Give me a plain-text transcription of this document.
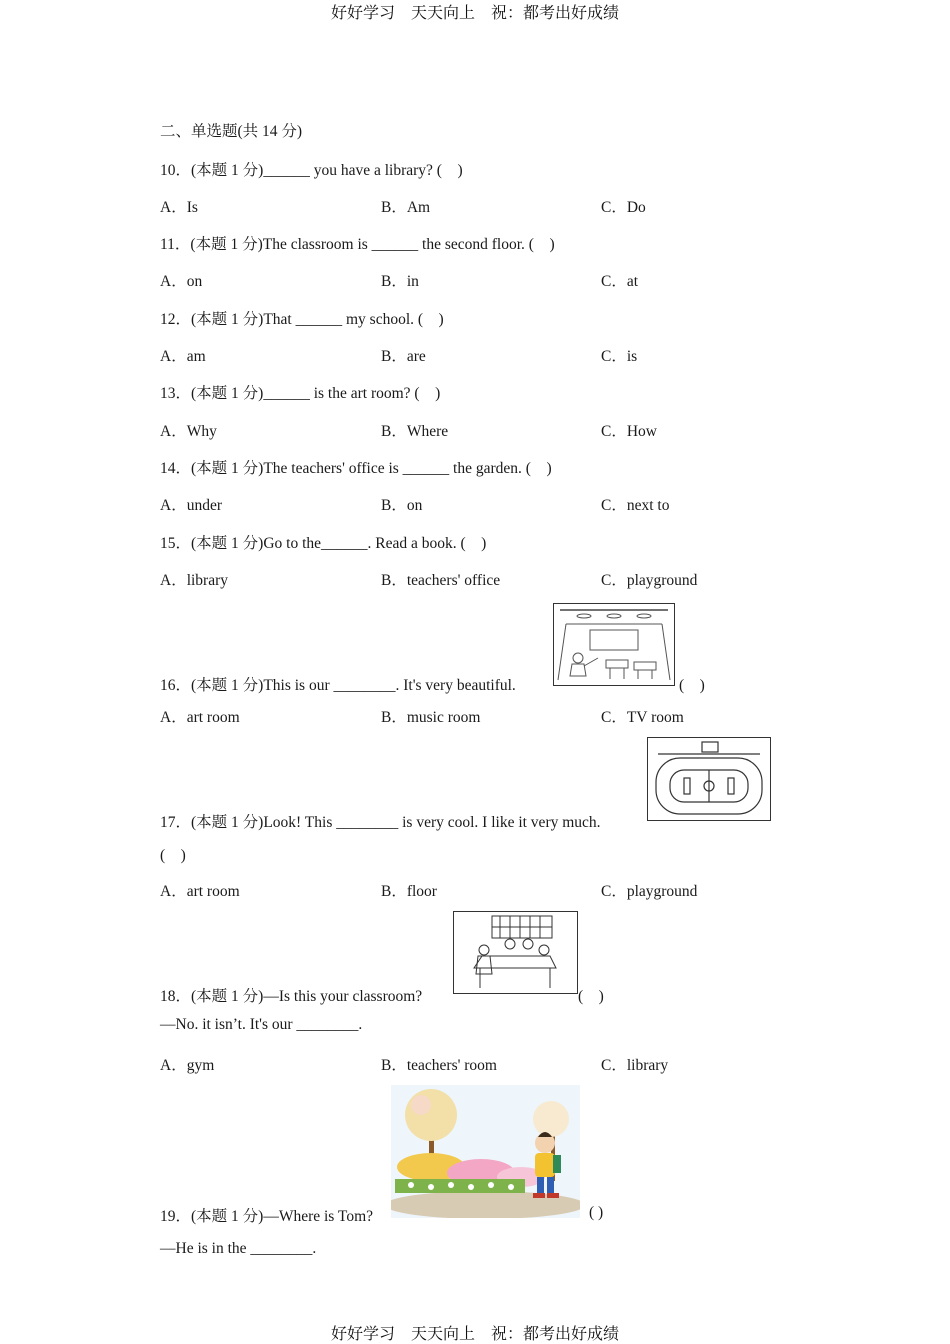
好好学习　天天向上　祝：都考出好成绩
二、单选题(共 14 分)
10．(本题 1 分)______ you have a library? (　)
A．Is	B．Am	C．Do
11．(本题 1 分)The classroom is ______ the second floor. (　)
A．on	B．in	C．at
12．(本题 1 分)That ______ my school. (　)
A．am	B．are	C．is
13．(本题 1 分)______ is the art room? (　)
A．Why	B．Where	C．How
14．(本题 1 分)The teachers' office is ______ the garden. (　)
A．under	B．on	C．next to
15．(本题 1 分)Go to the______. Read a book. (　)
A．library	B．teachers' office	C．playground
16．(本题 1 分)This is our ________. It's very beautiful.	(　)
A．art room	B．music room	C．TV room
17．(本题 1 分)Look! This ________ is very cool. I like it very much.
(　)
A．art room	B．floor	C．playground
18．(本题 1 分)—Is this your classroom?	(　)
—No. it isn’t. It's our ________.
A．gym	B．teachers' room	C．library
19．(本题 1 分)—Where is Tom?	( )
—He is in the ________.
好好学习　天天向上　祝：都考出好成绩
